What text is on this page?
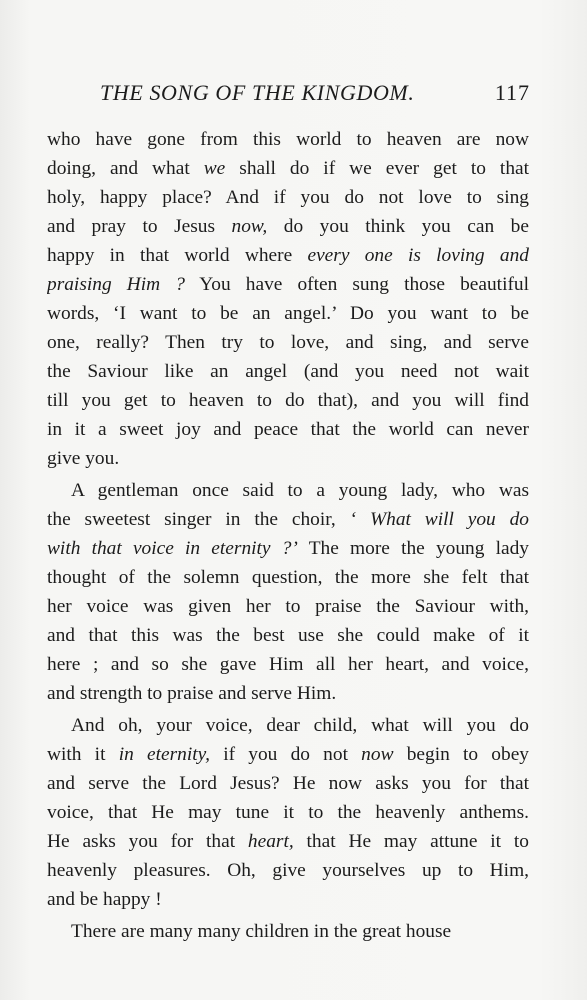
THE SONG OF THE KINGDOM.	117
who have gone from this world to heaven are now
doing, and what we shall do if we ever get to that
holy, happy place? And if you do not love to sing
and pray to Jesus now, do you think you can be
happy in that world where every one is loving and
praising Him ? You have often sung those beautiful
words, ‘I want to be an angel.’ Do you want to be
one, really? Then try to love, and sing, and serve
the Saviour like an angel (and you need not wait
till you get to heaven to do that), and you will find
in it a sweet joy and peace that the world can never
give you.
A gentleman once said to a young lady, who was
the sweetest singer in the choir, ‘ What will you do
with that voice in eternity ?’ The more the young lady
thought of the solemn question, the more she felt that
her voice was given her to praise the Saviour with,
and that this was the best use she could make of it
here ; and so she gave Him all her heart, and voice,
and strength to praise and serve Him.
And oh, your voice, dear child, what will you do
with it in eternity, if you do not now begin to obey
and serve the Lord Jesus? He now asks you for that
voice, that He may tune it to the heavenly anthems.
He asks you for that heart, that He may attune it to
heavenly pleasures. Oh, give yourselves up to Him,
and be happy !
There are many many children in the great house
